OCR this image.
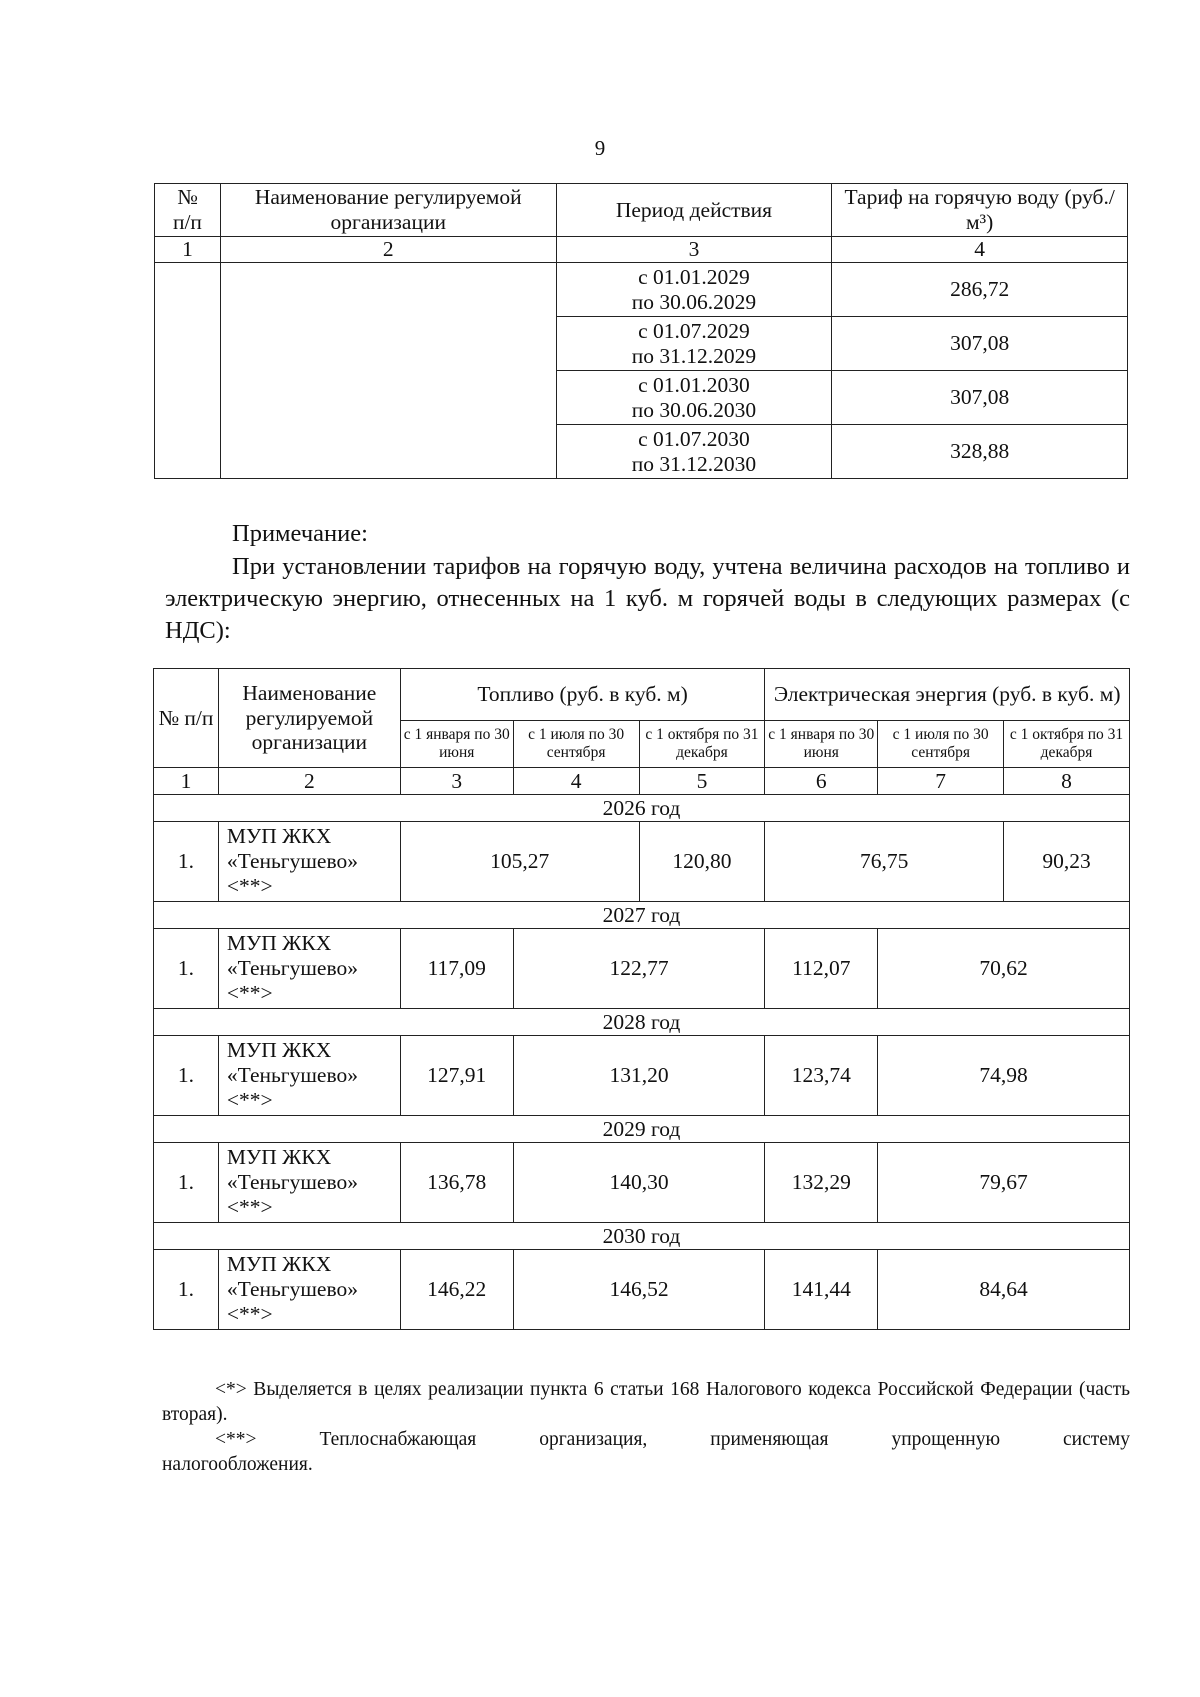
9
№
п/п	Наименование регулируемой организации	Период действия	Тариф на горячую воду (руб./м³)
1	2	3	4
		с 01.01.2029
по 30.06.2029	286,72
		с 01.07.2029
по 31.12.2029	307,08
		с 01.01.2030
по 30.06.2030	307,08
		с 01.07.2030
по 31.12.2030	328,88
Примечание:
При установлении тарифов на горячую воду, учтена величина расходов на топливо и электрическую энергию, отнесенных на 1 куб. м горячей воды в следующих размерах (с НДС):
№ п/п	Наименование регулируемой организации	Топливо (руб. в куб. м)			Электрическая энергия (руб. в куб. м)		
		с 1 января по 30 июня	с 1 июля по 30 сентября	с 1 октября по 31 декабря	с 1 января по 30 июня	с 1 июля по 30 сентября	с 1 октября по 31 декабря
1	2	3	4	5	6	7	8
2026 год							
1.	МУП ЖКХ
«Теньгушево»
<**>	105,27		120,80	76,75		90,23
2027 год							
1.	МУП ЖКХ
«Теньгушево»
<**>	117,09	122,77		112,07	70,62	
2028 год							
1.	МУП ЖКХ
«Теньгушево»
<**>	127,91	131,20		123,74	74,98	
2029 год							
1.	МУП ЖКХ
«Теньгушево»
<**>	136,78	140,30		132,29	79,67	
2030 год							
1.	МУП ЖКХ
«Теньгушево»
<**>	146,22	146,52		141,44	84,64	

<*> Выделяется в целях реализации пункта 6 статьи 168 Налогового кодекса Российской Федерации (часть вторая).

<**>	Теплоснабжающая	организация,	применяющая	упрощенную	систему
налогообложения.
